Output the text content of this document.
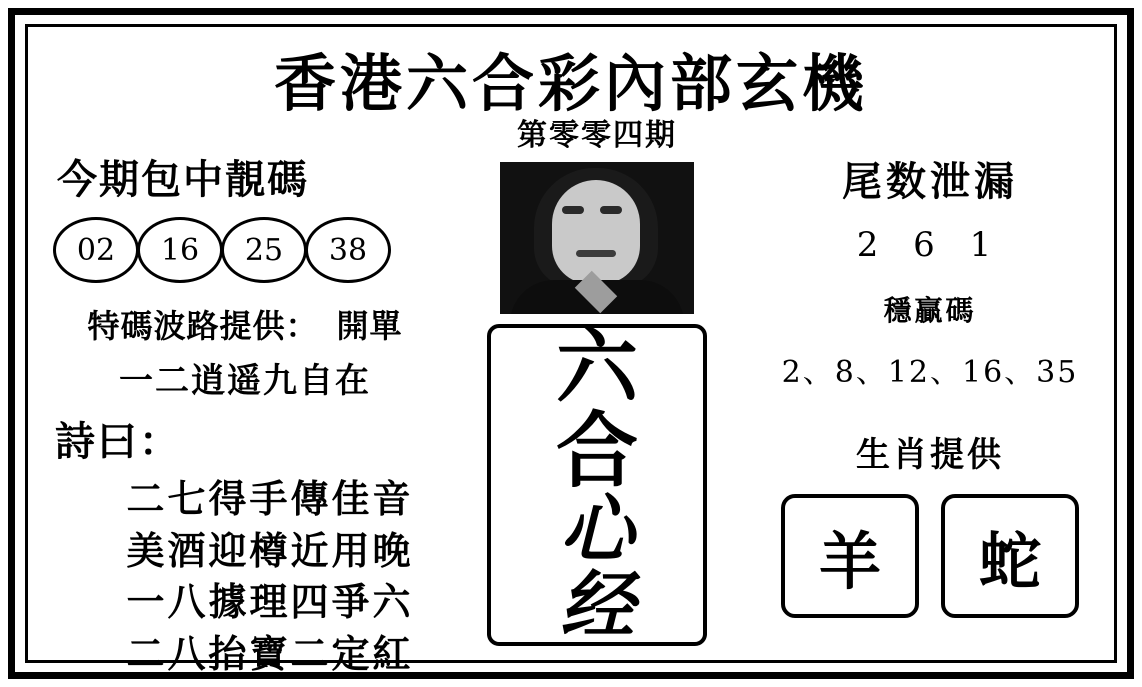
香港六合彩內部玄機
今期包中靚碼
02	16	25	38
特碼波路提供： 開單
一二逍遥九自在
詩曰：
二七得手傳佳音
美酒迎樽近用晚
一八據理四爭六
二八抬寶二定紅
第零零四期
六
合
心
经
尾数泄漏
2 6 1
穩贏碼
2、8、12、16、35
生肖提供
羊	蛇
